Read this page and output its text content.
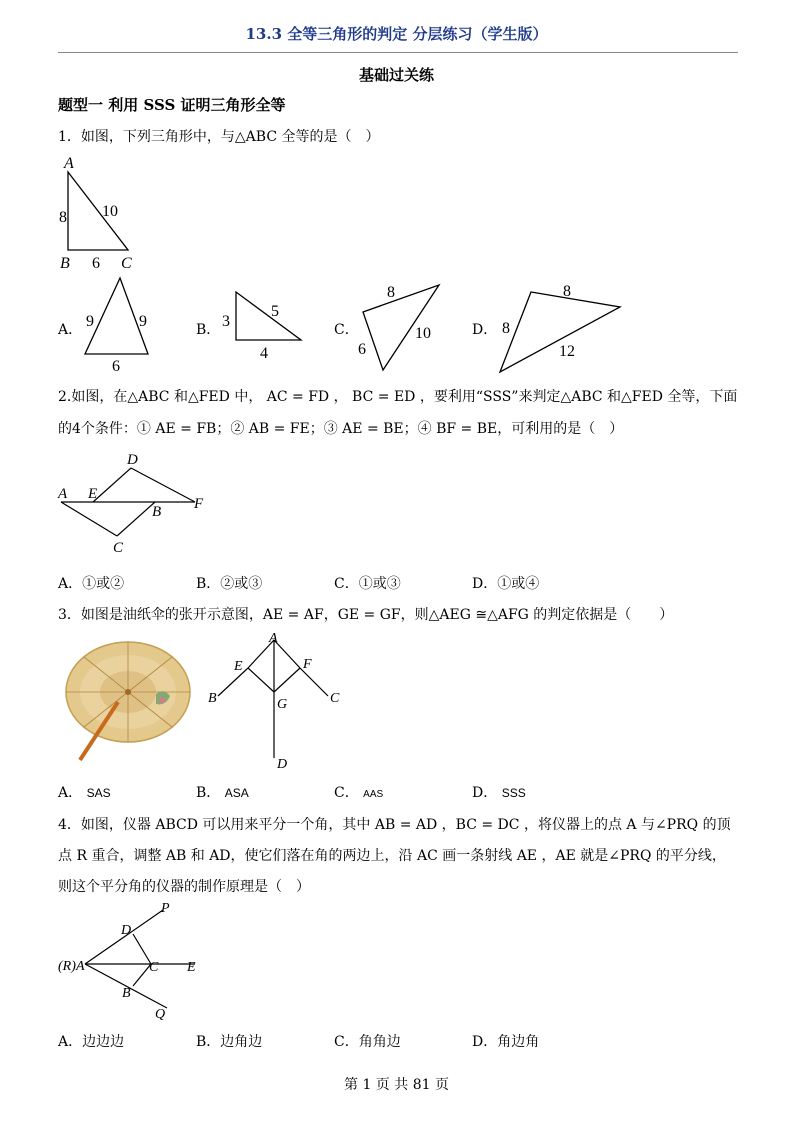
13.3 全等三角形的判定 分层练习（学生版）
基础过关练
题型一 利用 SSS 证明三角形全等
1．如图，下列三角形中，与△ABC 全等的是（　）
A
8 10
B 6 C
A． 9	9
6
B． 3
5
4
C．
8
10
6
D．
8
8
12
2.如图，在△ABC 和△FED 中， AC = FD ， BC = ED ，要利用“SSS”来判定△ABC 和△FED 全等，下面
的4个条件：① AE = FB；② AB = FE；③ AE = BE；④ BF = BE，可利用的是（　）
A E
D
B F
C
A．①或②	B．②或③	C．①或③	D．①或④
3．如图是油纸伞的张开示意图，AE = AF，GE = GF，则△AEG ≅△AFG 的判定依据是（　　）
A
E	F
B	G	C
D
A． SAS	B． ASA	C． AAS	D． SSS
4．如图，仪器 ABCD 可以用来平分一个角，其中 AB = AD ，BC = DC ，将仪器上的点 A 与∠PRQ 的顶
点 R 重合，调整 AB 和 AD，使它们落在角的两边上，沿 AC 画一条射线 AE ，AE 就是∠PRQ 的平分线，
则这个平分角的仪器的制作原理是（　）
P
D
(R) A	C E
B
Q
A．边边边	B．边角边	C．角角边	D．角边角
第 1 页 共 81 页
